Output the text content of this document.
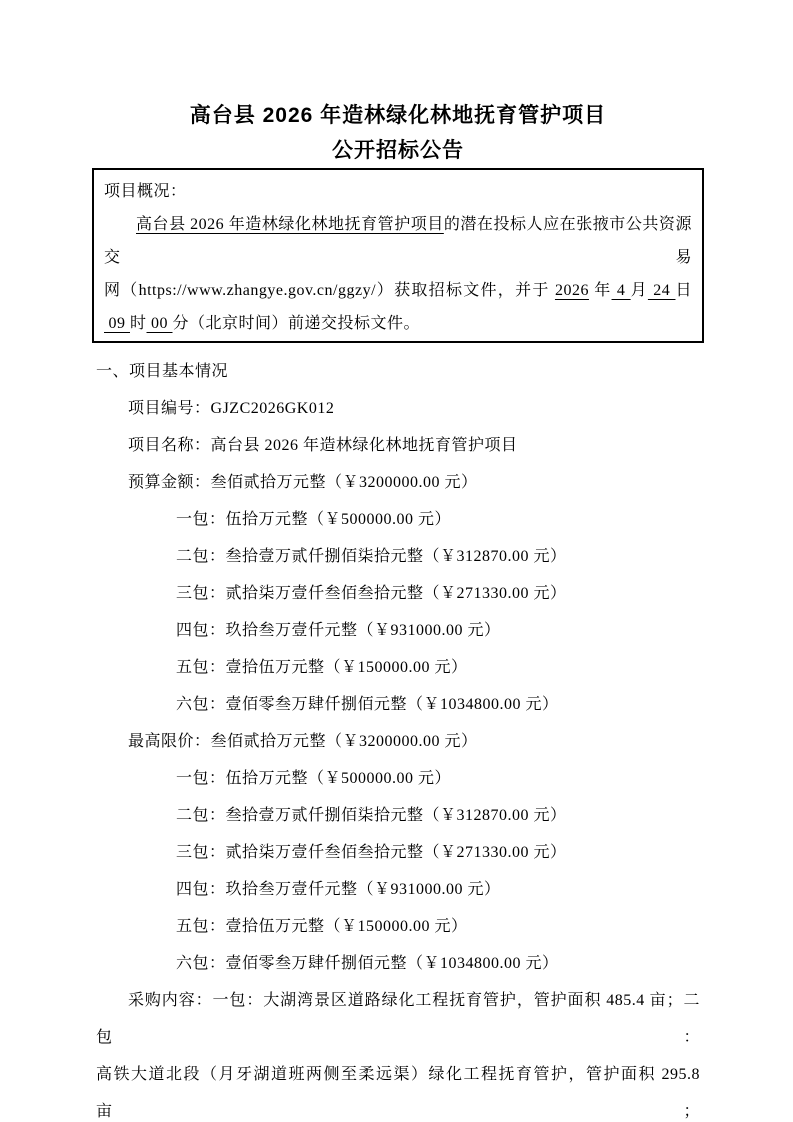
高台县 2026 年造林绿化林地抚育管护项目
公开招标公告
项目概况：
高台县 2026 年造林绿化林地抚育管护项目的潜在投标人应在张掖市公共资源交易
网（https://www.zhangye.gov.cn/ggzy/）获取招标文件，并于 2026 年 4 月 24 日
09 时 00 分（北京时间）前递交投标文件。
一、项目基本情况
项目编号：GJZC2026GK012
项目名称：高台县 2026 年造林绿化林地抚育管护项目
预算金额：叁佰贰拾万元整（￥3200000.00 元）
一包：伍拾万元整（￥500000.00 元）
二包：叁拾壹万贰仟捌佰柒拾元整（￥312870.00 元）
三包：贰拾柒万壹仟叁佰叁拾元整（￥271330.00 元）
四包：玖拾叁万壹仟元整（￥931000.00 元）
五包：壹拾伍万元整（￥150000.00 元）
六包：壹佰零叁万肆仟捌佰元整（￥1034800.00 元）
最高限价：叁佰贰拾万元整（￥3200000.00 元）
一包：伍拾万元整（￥500000.00 元）
二包：叁拾壹万贰仟捌佰柒拾元整（￥312870.00 元）
三包：贰拾柒万壹仟叁佰叁拾元整（￥271330.00 元）
四包：玖拾叁万壹仟元整（￥931000.00 元）
五包：壹拾伍万元整（￥150000.00 元）
六包：壹佰零叁万肆仟捌佰元整（￥1034800.00 元）
采购内容：一包：大湖湾景区道路绿化工程抚育管护，管护面积 485.4 亩；二包：
高铁大道北段（月牙湖道班两侧至柔远渠）绿化工程抚育管护，管护面积 295.8 亩；
